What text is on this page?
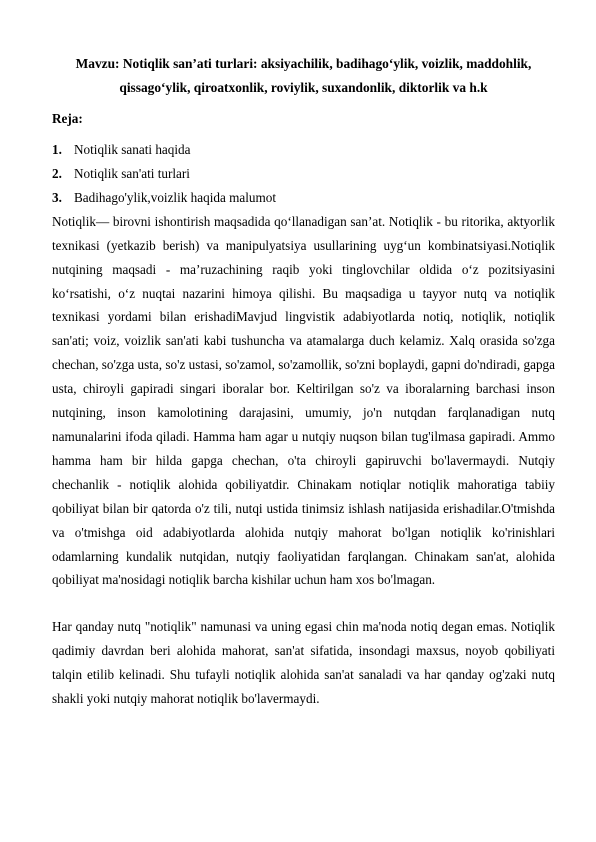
Mavzu: Notiqlik san’ati turlari: aksiyachilik, badihago‘ylik, voizlik, maddohlik, qissago‘ylik, qiroatxonlik, roviylik, suxandonlik, diktorlik va h.k
Reja:
1. Notiqlik sanati haqida
2. Notiqlik san'ati turlari
3. Badihago'ylik,voizlik haqida malumot

Notiqlik— birovni ishontirish maqsadida qo‘llanadigan san’at. Notiqlik - bu ritorika, aktyorlik texnikasi (yetkazib berish) va manipulyatsiya usullarining uyg‘un kombinatsiyasi.Notiqlik nutqining maqsadi - ma’ruzachining raqib yoki tinglovchilar oldida o‘z pozitsiyasini ko‘rsatishi, o‘z nuqtai nazarini himoya qilishi. Bu maqsadiga u tayyor nutq va notiqlik texnikasi yordami bilan erishadiMavjud lingvistik adabiyotlarda notiq, notiqlik, notiqlik san'ati; voiz, voizlik san'ati kabi tushuncha va atamalarga duch kelamiz. Xalq orasida so'zga chechan, so'zga usta, so'z ustasi, so'zamol, so'zamollik, so'zni boplaydi, gapni do'ndiradi, gapga usta, chiroyli gapiradi singari iboralar bor. Keltirilgan so'z va iboralarning barchasi inson nutqining, inson kamolotining darajasini, umumiy, jo'n nutqdan farqlanadigan nutq namunalarini ifoda qiladi. Hamma ham agar u nutqiy nuqson bilan tug'ilmasa gapiradi. Ammo hamma ham bir hilda gapga chechan, o'ta chiroyli gapiruvchi bo'lavermaydi. Nutqiy chechanlik - notiqlik alohida qobiliyatdir. Chinakam notiqlar notiqlik mahoratiga tabiiy qobiliyat bilan bir qatorda o'z tili, nutqi ustida tinimsiz ishlash natijasida erishadilar.O'tmishda va o'tmishga oid adabiyotlarda alohida nutqiy mahorat bo'lgan notiqlik ko'rinishlari odamlarning kundalik nutqidan, nutqiy faoliyatidan farqlangan. Chinakam san'at, alohida qobiliyat ma'nosidagi notiqlik barcha kishilar uchun ham xos bo'lmagan.

Har qanday nutq "notiqlik" namunasi va uning egasi chin ma'noda notiq degan emas. Notiqlik qadimiy davrdan beri alohida mahorat, san'at sifatida, insondagi maxsus, noyob qobiliyati talqin etilib kelinadi. Shu tufayli notiqlik alohida san'at sanaladi va har qanday og'zaki nutq shakli yoki nutqiy mahorat notiqlik bo'lavermaydi.
